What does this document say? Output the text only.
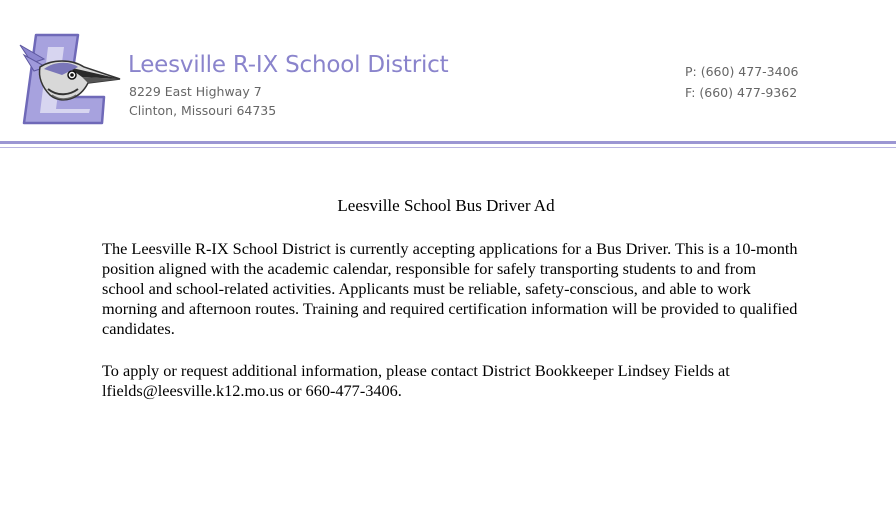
Leesville R-IX School District
8229 East Highway 7
Clinton, Missouri 64735
P: (660) 477-3406
F: (660) 477-9362
Leesville School Bus Driver Ad

The Leesville R-IX School District is currently accepting applications for a Bus Driver. This is a 10-month position aligned with the academic calendar, responsible for safely transporting students to and from school and school-related activities. Applicants must be reliable, safety-conscious, and able to work morning and afternoon routes. Training and required certification information will be provided to qualified candidates.

To apply or request additional information, please contact District Bookkeeper Lindsey Fields at lfields@leesville.k12.mo.us or 660-477-3406.
